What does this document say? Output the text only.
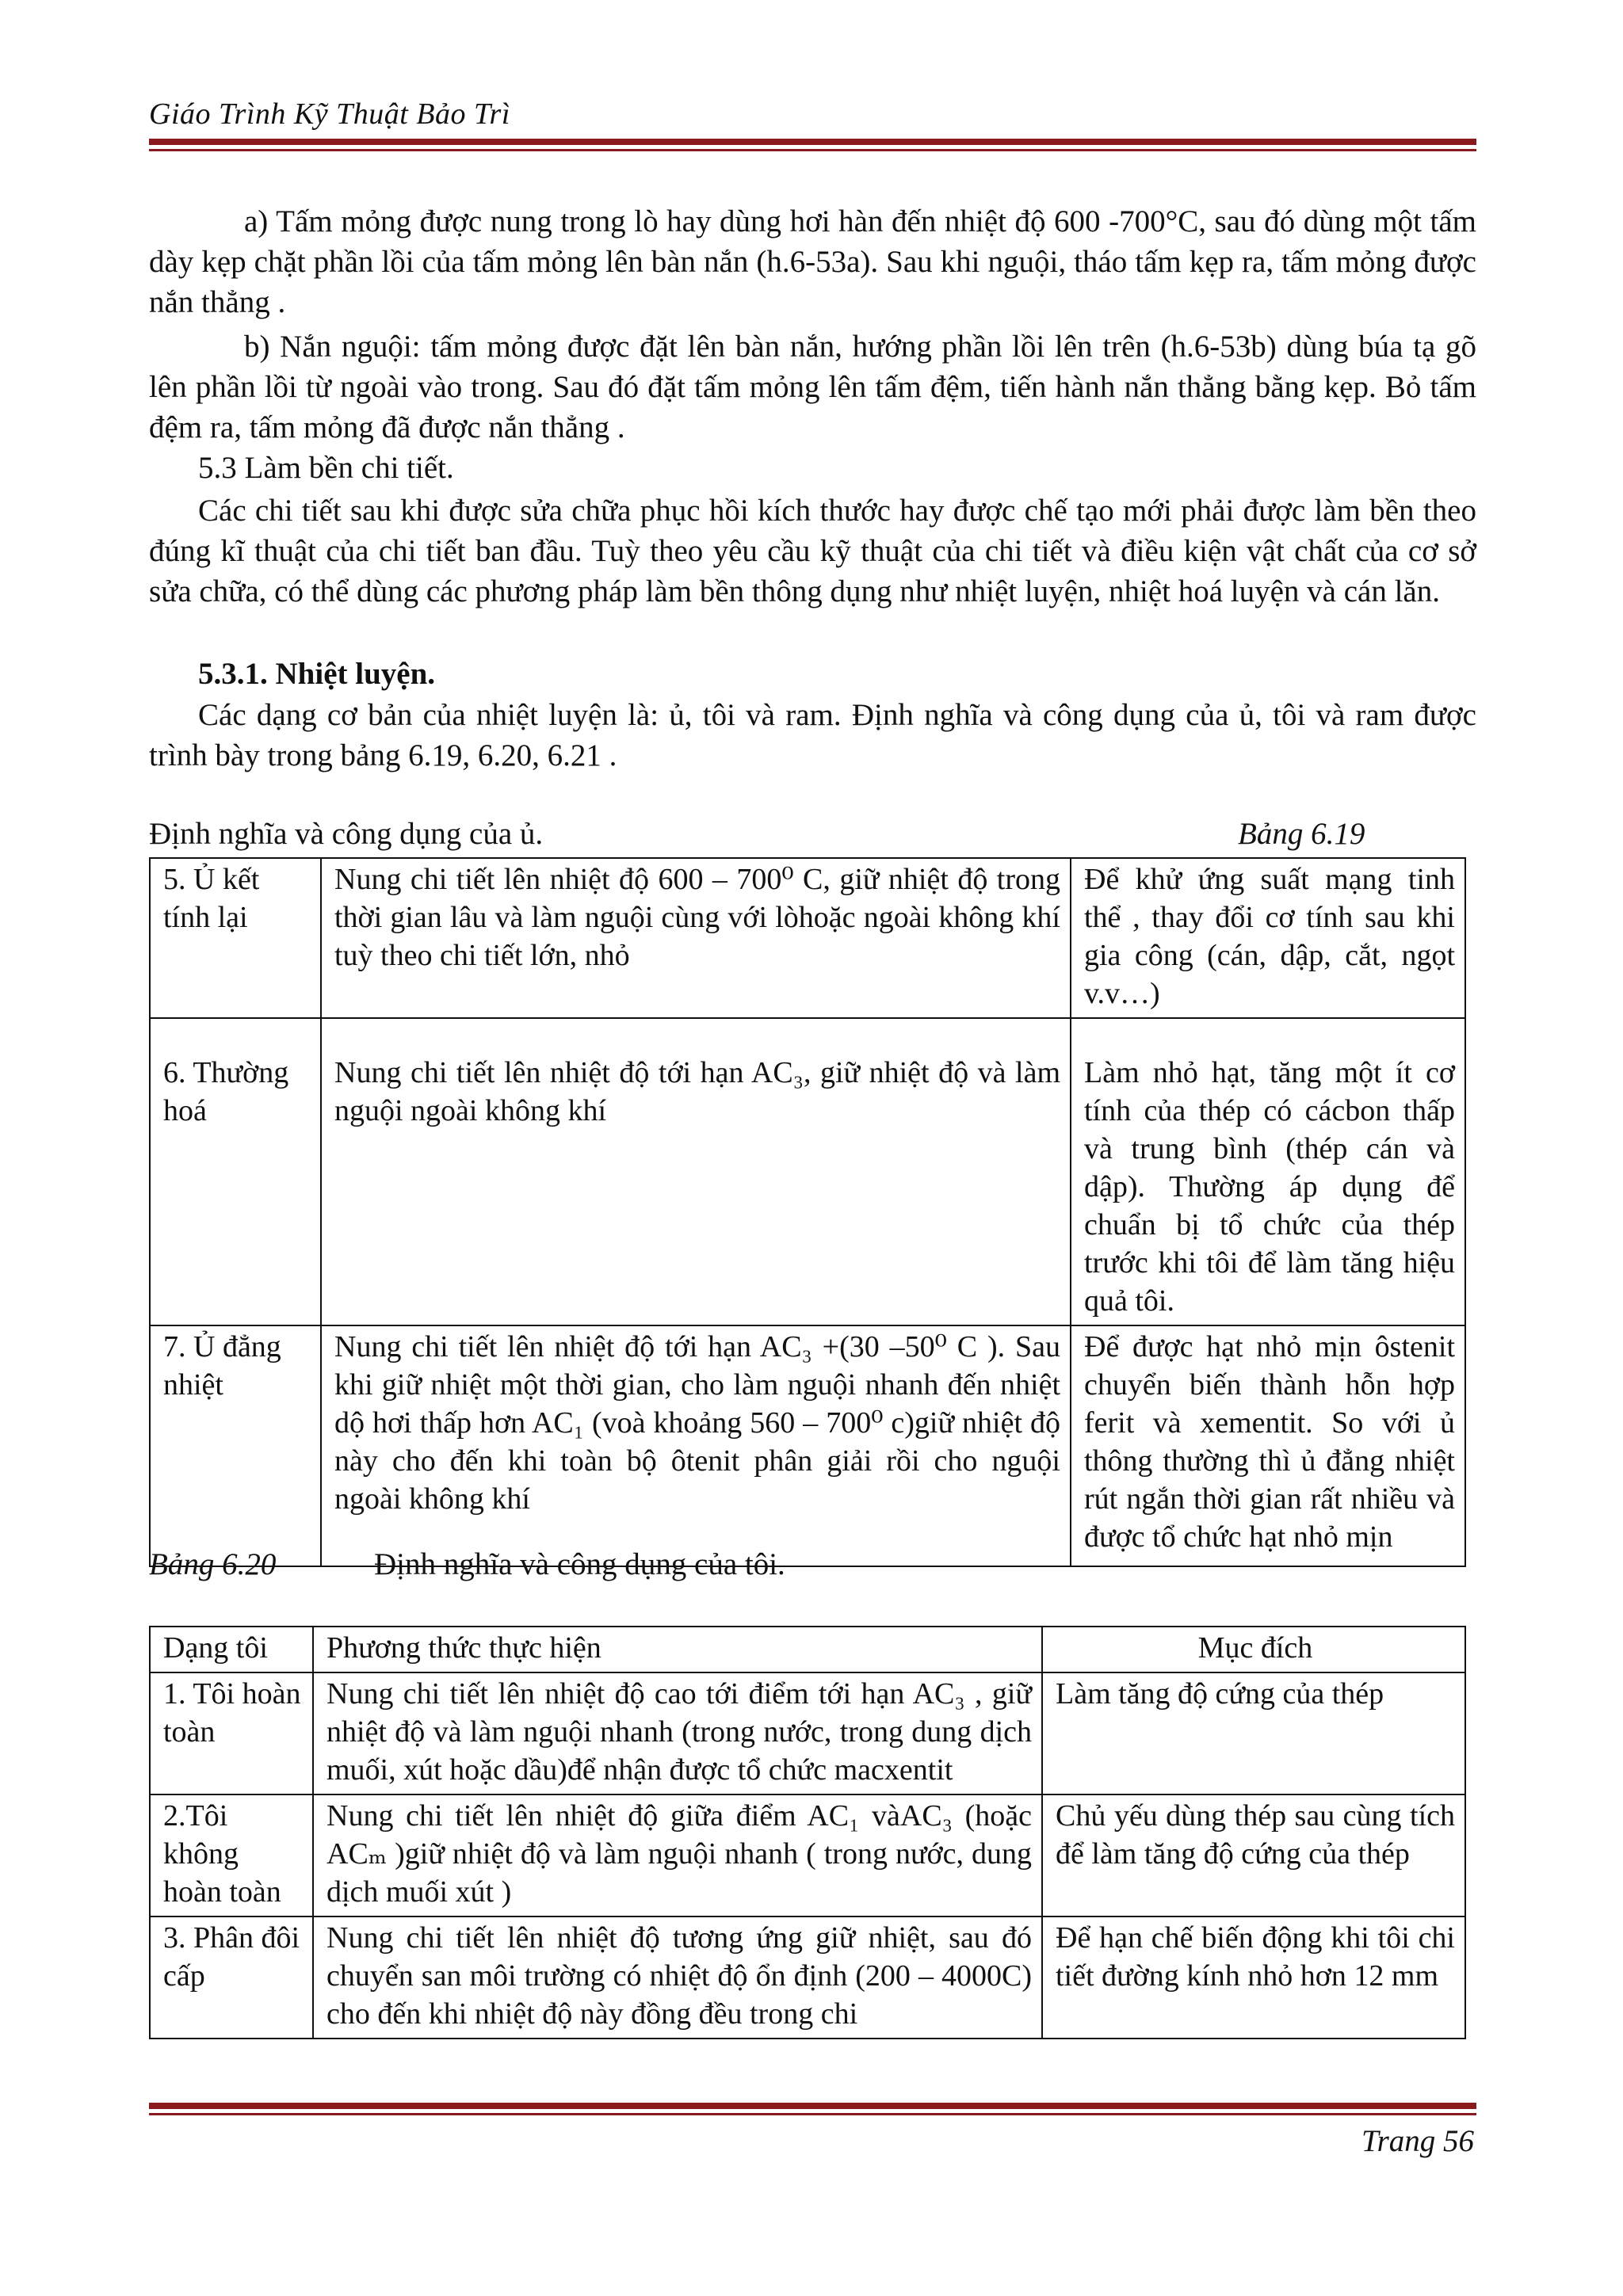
Giáo Trình Kỹ Thuật Bảo Trì

a) Tấm mỏng được nung trong lò hay dùng hơi hàn đến nhiệt độ 600 -700°C, sau đó dùng một tấm dày kẹp chặt phần lồi của tấm mỏng lên bàn nắn (h.6-53a). Sau khi nguội, tháo tấm kẹp ra, tấm mỏng được nắn thẳng .

b) Nắn nguội: tấm mỏng được đặt lên bàn nắn, hướng phần lồi lên trên (h.6-53b) dùng búa tạ gõ lên phần lồi từ ngoài vào trong. Sau đó đặt tấm mỏng lên tấm đệm, tiến hành nắn thẳng bằng kẹp. Bỏ tấm đệm ra, tấm mỏng đã được nắn thẳng .

5.3 Làm bền chi tiết.

Các chi tiết sau khi được sửa chữa phục hồi kích thước hay được chế tạo mới phải được làm bền theo đúng kĩ thuật của chi tiết ban đầu. Tuỳ theo yêu cầu kỹ thuật của chi tiết và điều kiện vật chất của cơ sở sửa chữa, có thể dùng các phương pháp làm bền thông dụng như nhiệt luyện, nhiệt hoá luyện và cán lăn.

5.3.1. Nhiệt luyện.

Các dạng cơ bản của nhiệt luyện là: ủ, tôi và ram. Định nghĩa và công dụng của ủ, tôi và ram được trình bày trong bảng 6.19, 6.20, 6.21 .

Định nghĩa và công dụng của ủ.	Bảng 6.19
5. Ủ kết tính lại	Nung chi tiết lên nhiệt độ 600 – 700⁰ C, giữ nhiệt độ trong thời gian lâu và làm nguội cùng với lòhoặc ngoài không khí tuỳ theo chi tiết lớn, nhỏ	Để khử ứng suất mạng tinh thể , thay đổi cơ tính sau khi gia công (cán, dập, cắt, ngọt v.v…)
6. Thường hoá	Nung chi tiết lên nhiệt độ tới hạn AC₃, giữ nhiệt độ và làm nguội ngoài không khí	Làm nhỏ hạt, tăng một ít cơ tính của thép có cácbon thấp và trung bình (thép cán và dập). Thường áp dụng để chuẩn bị tổ chức của thép trước khi tôi để làm tăng hiệu quả tôi.
7. Ủ đẳng nhiệt	Nung chi tiết lên nhiệt độ tới hạn AC₃ +(30 –50⁰ C ). Sau khi giữ nhiệt một thời gian, cho làm nguội nhanh đến nhiệt dộ hơi thấp hơn AC₁ (voà khoảng 560 – 700⁰ c)giữ nhiệt độ này cho đến khi toàn bộ ôtenit phân giải rồi cho nguội ngoài không khí	Để được hạt nhỏ mịn ôstenit chuyển biến thành hỗn hợp ferit và xementit. So với ủ thông thường thì ủ đẳng nhiệt rút ngắn thời gian rất nhiều và được tổ chức hạt nhỏ mịn
Bảng 6.20	Định nghĩa và công dụng của tôi.
Dạng tôi	Phương thức thực hiện	Mục đích
1. Tôi hoàn toàn	Nung chi tiết lên nhiệt độ cao tới điểm tới hạn AC₃ , giữ nhiệt độ và làm nguội nhanh (trong nước, trong dung dịch muối, xút hoặc dầu)để nhận được tổ chức macxentit	Làm tăng độ cứng của thép
2.Tôi không hoàn toàn	Nung chi tiết lên nhiệt độ giữa điểm AC₁ vàAC₃ (hoặc ACₘ )giữ nhiệt độ và làm nguội nhanh ( trong nước, dung dịch muối xút )	Chủ yếu dùng thép sau cùng tích để làm tăng độ cứng của thép
3. Phân đôi cấp	Nung chi tiết lên nhiệt độ tương ứng giữ nhiệt, sau đó chuyển san môi trường có nhiệt độ ổn định (200 – 4000C) cho đến khi nhiệt độ này đồng đều trong chi	Để hạn chế biến động khi tôi chi tiết đường kính nhỏ hơn 12 mm
Trang 56
